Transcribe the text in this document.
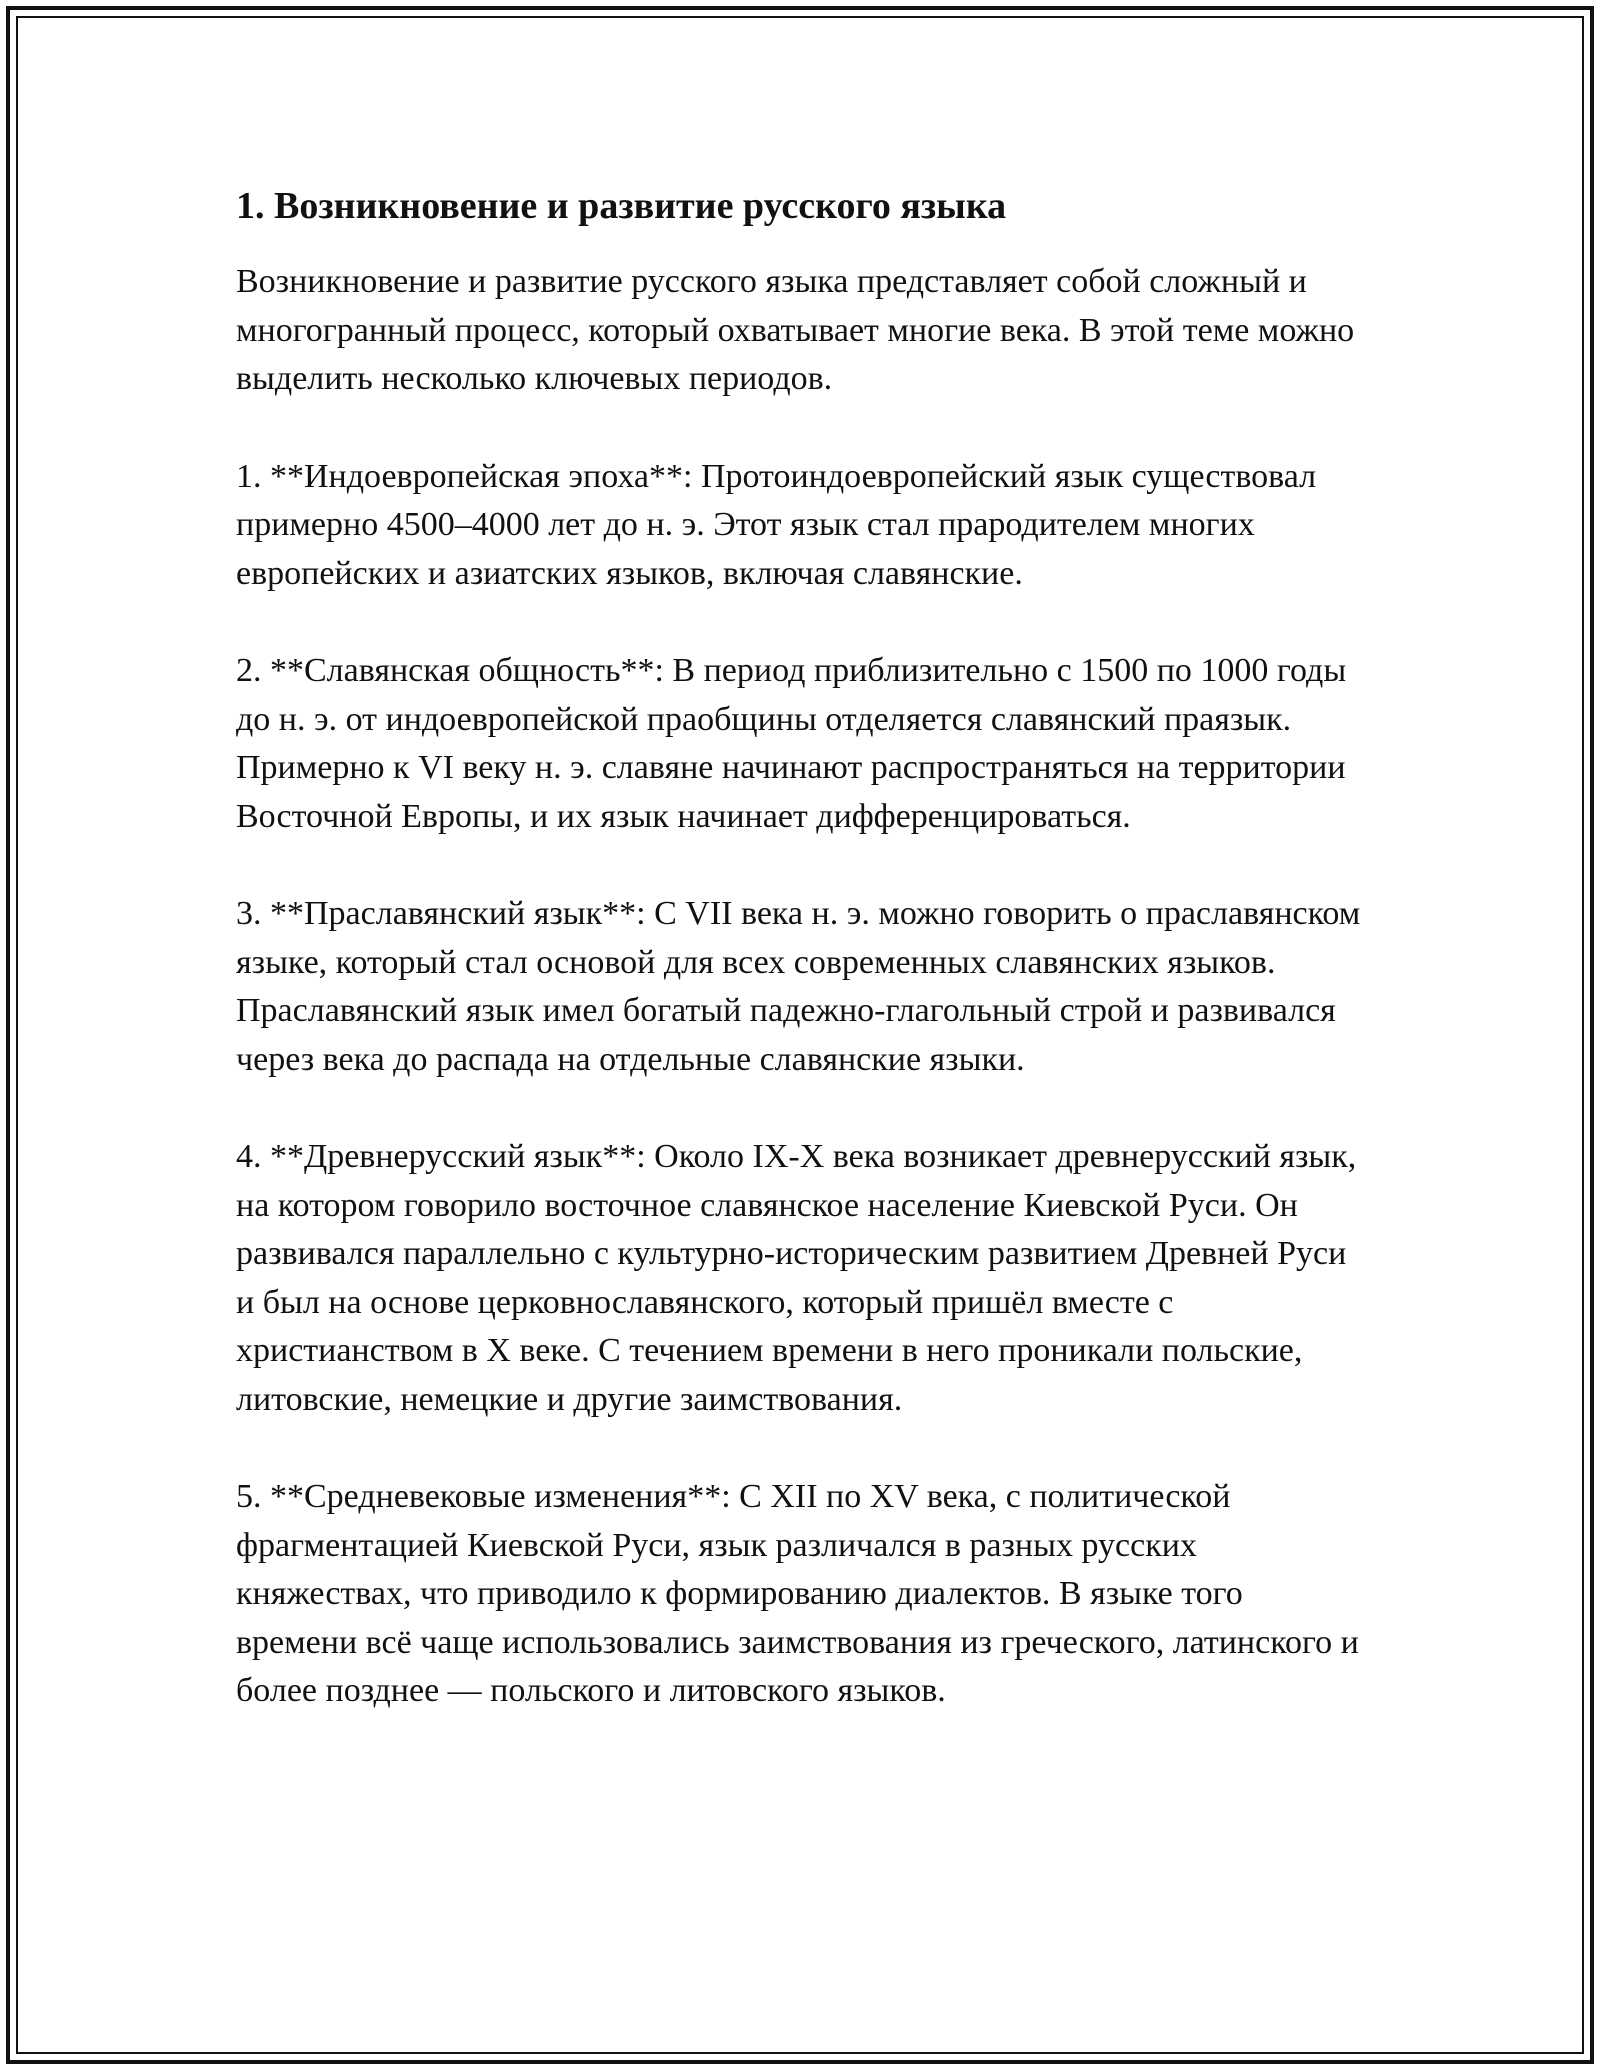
1. Возникновение и развитие русского языка

Возникновение и развитие русского языка представляет собой сложный и многогранный процесс, который охватывает многие века. В этой теме можно выделить несколько ключевых периодов.

1. **Индоевропейская эпоха**: Протоиндоевропейский язык существовал примерно 4500–4000 лет до н. э. Этот язык стал прародителем многих европейских и азиатских языков, включая славянские.

2. **Славянская общность**: В период приблизительно с 1500 по 1000 годы до н. э. от индоевропейской праобщины отделяется славянский праязык. Примерно к VI веку н. э. славяне начинают распространяться на территории Восточной Европы, и их язык начинает дифференцироваться.

3. **Праславянский язык**: С VII века н. э. можно говорить о праславянском языке, который стал основой для всех современных славянских языков. Праславянский язык имел богатый падежно-глагольный строй и развивался через века до распада на отдельные славянские языки.

4. **Древнерусский язык**: Около IX-X века возникает древнерусский язык, на котором говорило восточное славянское население Киевской Руси. Он развивался параллельно с культурно-историческим развитием Древней Руси и был на основе церковнославянского, который пришёл вместе с христианством в X веке. С течением времени в него проникали польские, литовские, немецкие и другие заимствования.

5. **Средневековые изменения**: С XII по XV века, с политической фрагментацией Киевской Руси, язык различался в разных русских княжествах, что приводило к формированию диалектов. В языке того времени всё чаще использовались заимствования из греческого, латинского и более позднее — польского и литовского языков.
